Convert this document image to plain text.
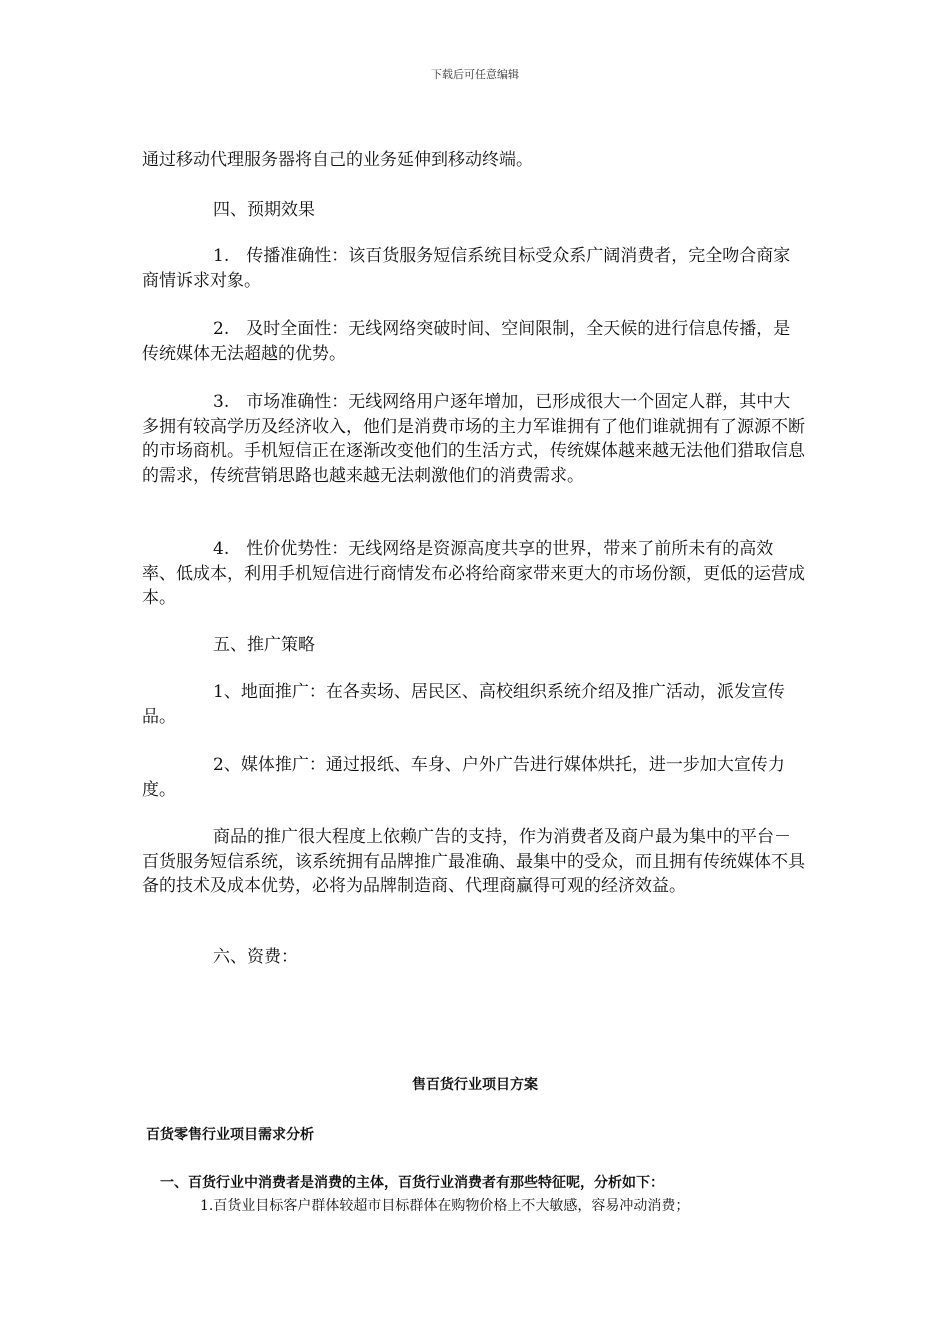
下载后可任意编辑

通过移动代理服务器将自己的业务延伸到移动终端。

四、预期效果

1.　传播准确性：该百货服务短信系统目标受众系广阔消费者，完全吻合商家商情诉求对象。

2.　及时全面性：无线网络突破时间、空间限制，全天候的进行信息传播，是传统媒体无法超越的优势。

3.　市场准确性：无线网络用户逐年增加，已形成很大一个固定人群，其中大多拥有较高学历及经济收入，他们是消费市场的主力军谁拥有了他们谁就拥有了源源不断的市场商机。手机短信正在逐渐改变他们的生活方式，传统媒体越来越无法他们猎取信息的需求，传统营销思路也越来越无法刺激他们的消费需求。

4.　性价优势性：无线网络是资源高度共享的世界，带来了前所未有的高效率、低成本，利用手机短信进行商情发布必将给商家带来更大的市场份额，更低的运营成本。

五、推广策略

1、地面推广：在各卖场、居民区、高校组织系统介绍及推广活动，派发宣传品。

2、媒体推广：通过报纸、车身、户外广告进行媒体烘托，进一步加大宣传力度。

商品的推广很大程度上依赖广告的支持，作为消费者及商户最为集中的平台－百货服务短信系统，该系统拥有品牌推广最准确、最集中的受众，而且拥有传统媒体不具备的技术及成本优势，必将为品牌制造商、代理商赢得可观的经济效益。

六、资费：

售百货行业项目方案
百货零售行业项目需求分析
一、百货行业中消费者是消费的主体，百货行业消费者有那些特征呢，分析如下：
1.百货业目标客户群体较超市目标群体在购物价格上不大敏感，容易冲动消费；
